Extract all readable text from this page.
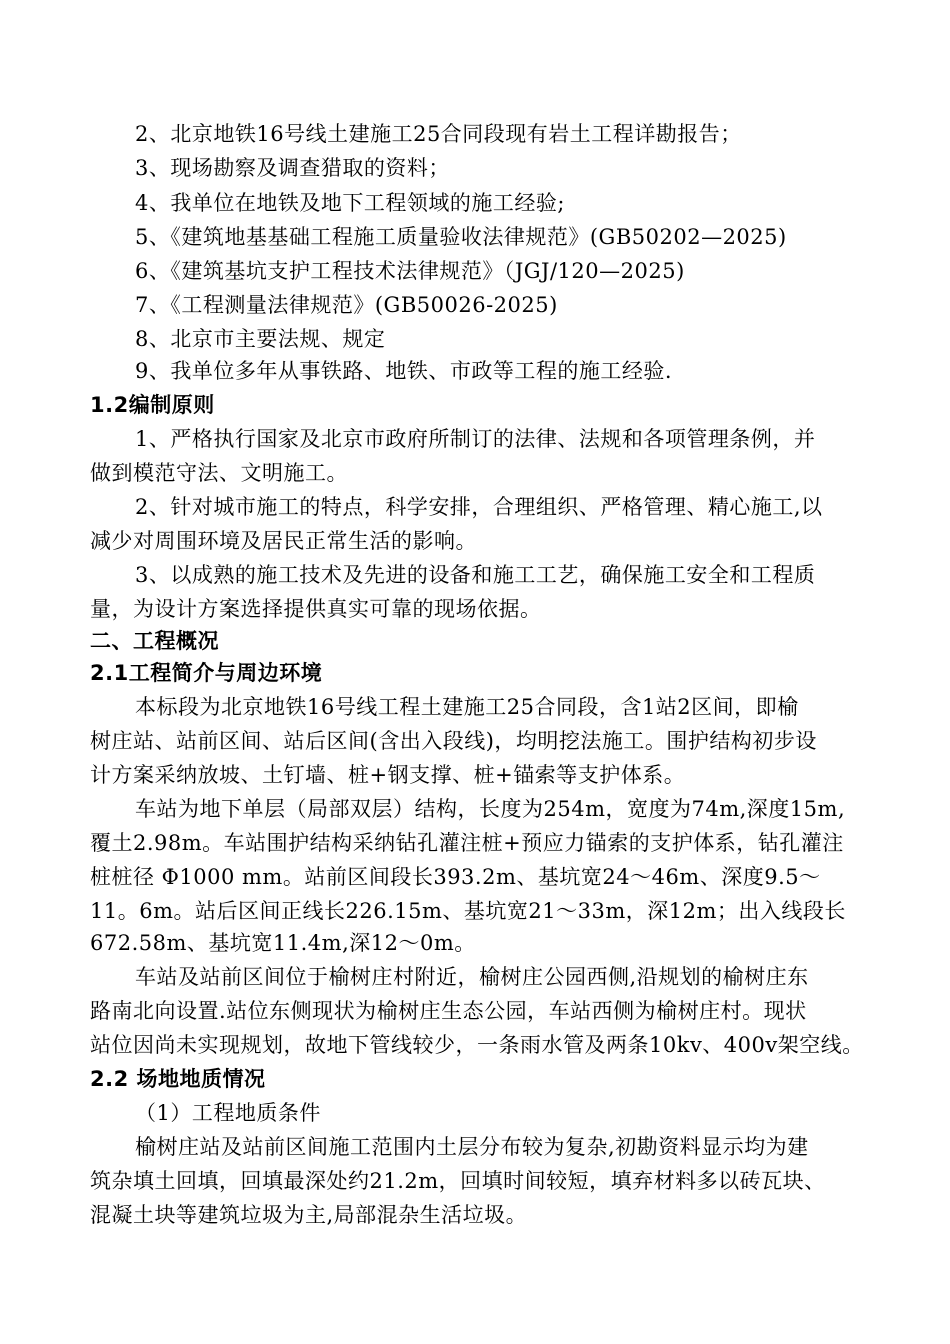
2、北京地铁16号线土建施工25合同段现有岩土工程详勘报告；
3、现场勘察及调查猎取的资料；
4、我单位在地铁及地下工程领域的施工经验;
5、《建筑地基基础工程施工质量验收法律规范》(GB50202—2025)
6、《建筑基坑支护工程技术法律规范》（JGJ/120—2025)
7、《工程测量法律规范》(GB50026-2025)
8、北京市主要法规、规定
9、我单位多年从事铁路、地铁、市政等工程的施工经验.
1.2编制原则
1、严格执行国家及北京市政府所制订的法律、法规和各项管理条例，并
做到模范守法、文明施工。
2、针对城市施工的特点，科学安排，合理组织、严格管理、精心施工,以
减少对周围环境及居民正常生活的影响。
3、以成熟的施工技术及先进的设备和施工工艺，确保施工安全和工程质
量，为设计方案选择提供真实可靠的现场依据。
二、工程概况
2.1工程简介与周边环境
本标段为北京地铁16号线工程土建施工25合同段，含1站2区间，即榆
树庄站、站前区间、站后区间(含出入段线)，均明挖法施工。围护结构初步设
计方案采纳放坡、土钉墙、桩+钢支撑、桩+锚索等支护体系。
车站为地下单层（局部双层）结构，长度为254m，宽度为74m,深度15m,
覆土2.98m。车站围护结构采纳钻孔灌注桩+预应力锚索的支护体系，钻孔灌注
桩桩径 Φ1000 mm。站前区间段长393.2m、基坑宽24～46m、深度9.5～
11。6m。站后区间正线长226.15m、基坑宽21～33m，深12m；出入线段长
672.58m、基坑宽11.4m,深12～0m。
车站及站前区间位于榆树庄村附近，榆树庄公园西侧,沿规划的榆树庄东
路南北向设置.站位东侧现状为榆树庄生态公园，车站西侧为榆树庄村。现状
站位因尚未实现规划，故地下管线较少，一条雨水管及两条10kv、400v架空线。
2.2 场地地质情况
（1）工程地质条件
榆树庄站及站前区间施工范围内土层分布较为复杂,初勘资料显示均为建
筑杂填土回填，回填最深处约21.2m，回填时间较短，填弃材料多以砖瓦块、
混凝土块等建筑垃圾为主,局部混杂生活垃圾。
